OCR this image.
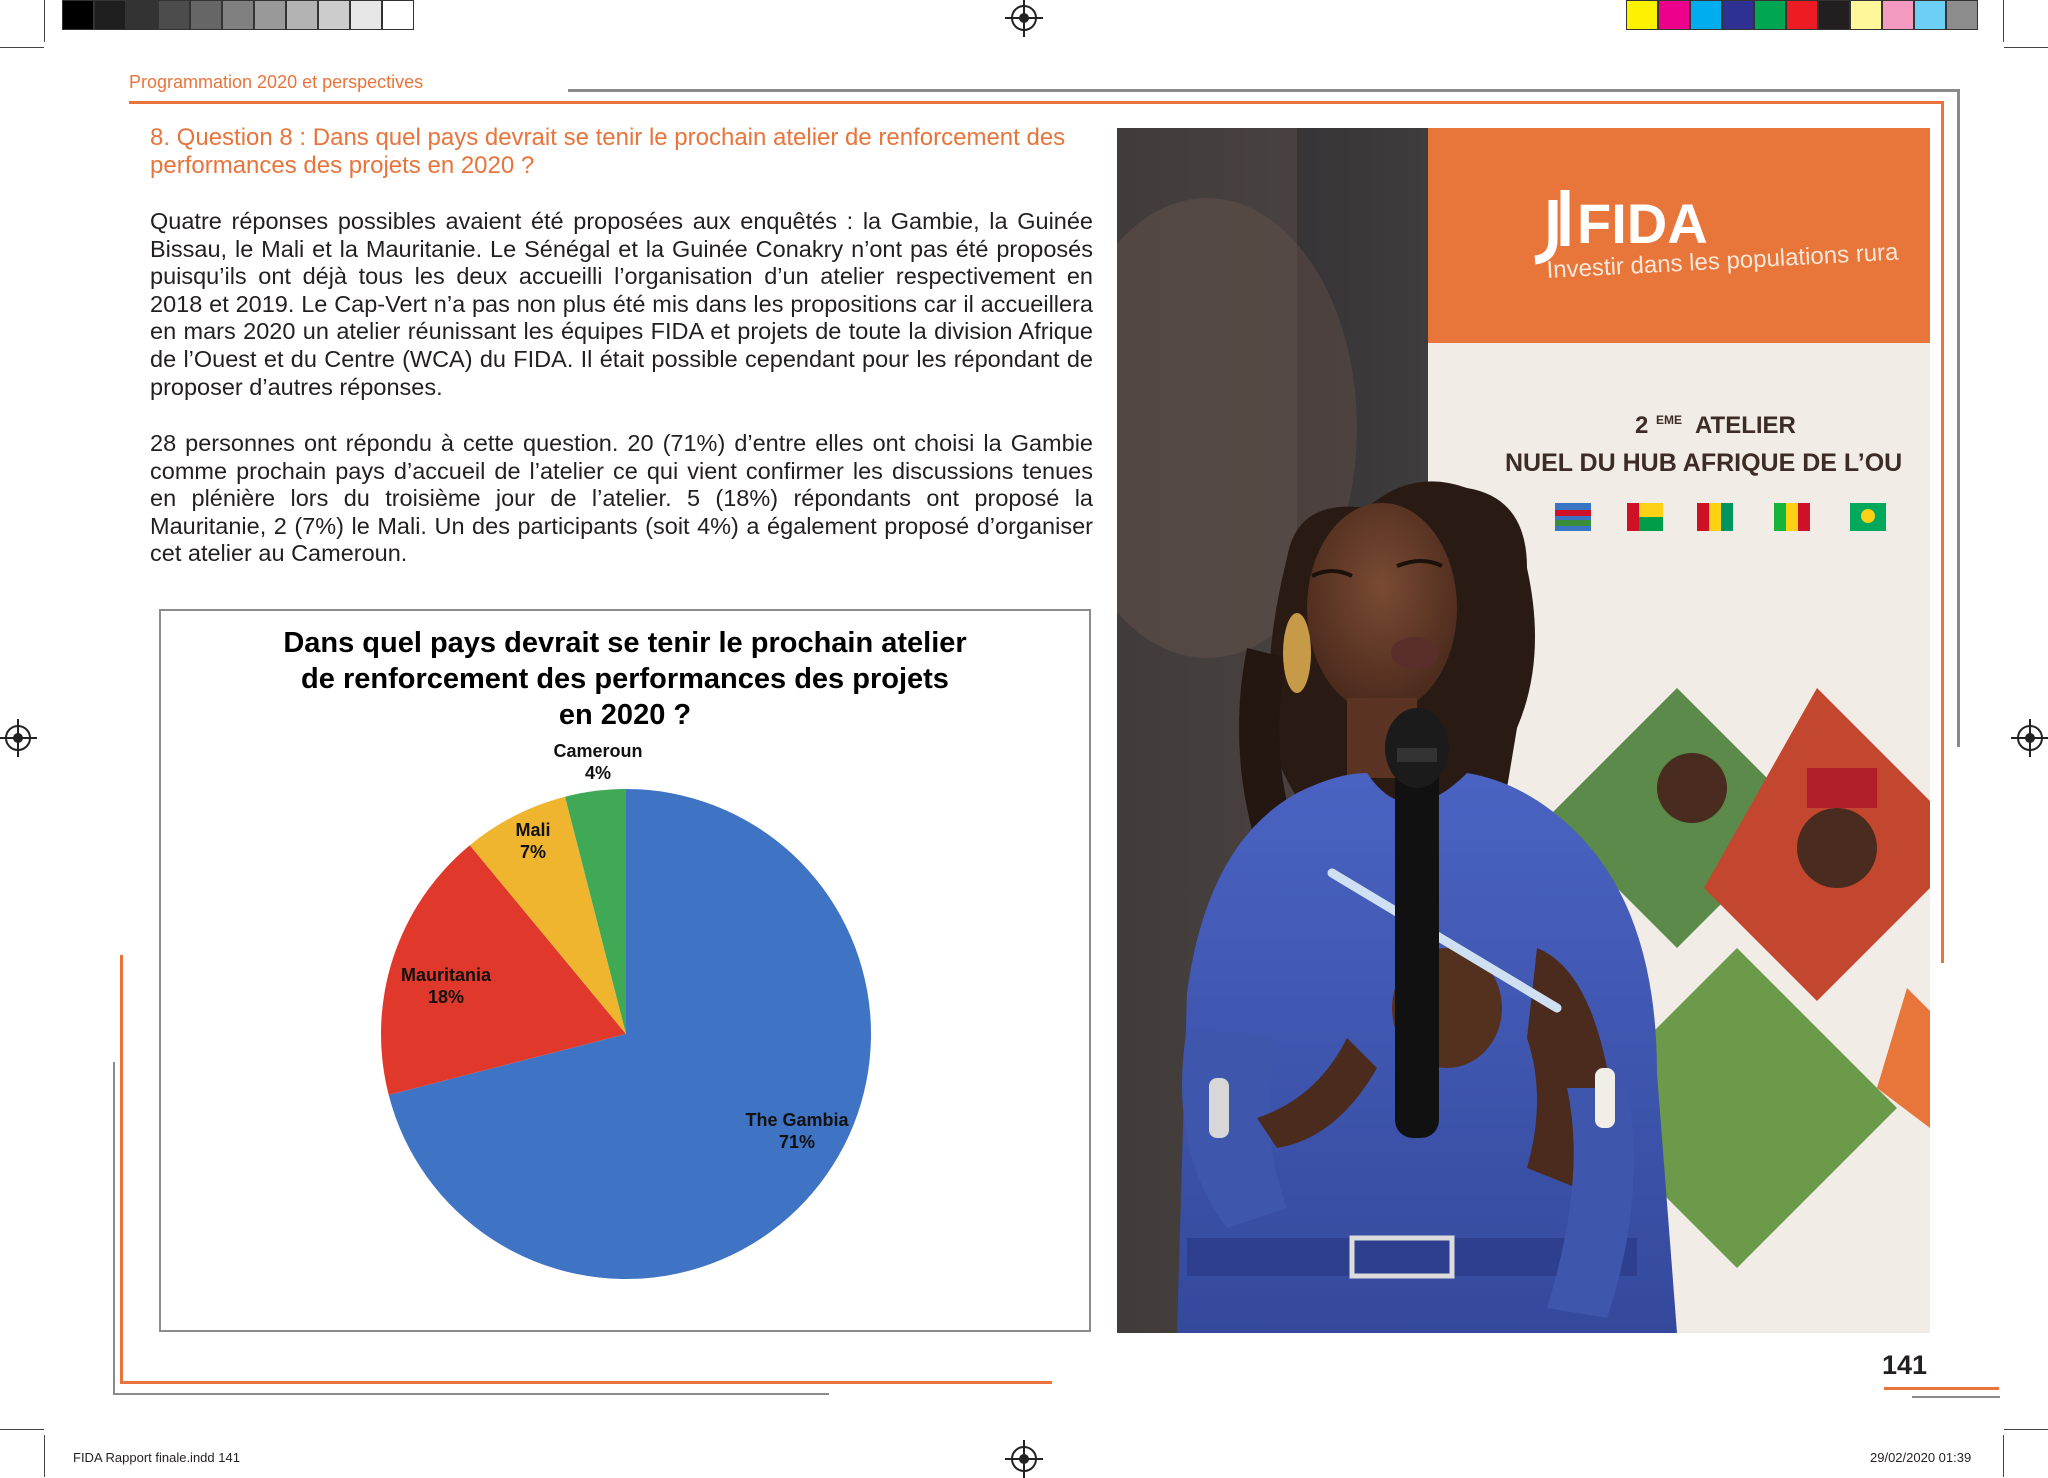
Programmation 2020 et perspectives
8. Question 8 : Dans quel pays devrait se tenir le prochain atelier de renforcement des performances des projets en 2020 ?
Quatre réponses possibles avaient été proposées aux enquêtés : la Gambie, la Guinée Bissau, le Mali et la Mauritanie. Le Sénégal et la Guinée Conakry n’ont pas été proposés puisqu’ils ont déjà tous les deux accueilli l’organisation d’un atelier respectivement en 2018 et 2019. Le Cap-Vert n’a pas non plus été mis dans les propositions car il accueillera en mars 2020 un atelier réunissant les équipes FIDA et projets de toute la division Afrique de l’Ouest et du Centre (WCA) du FIDA. Il était possible cependant pour les répondant de proposer d’autres réponses.
28 personnes ont répondu à cette question. 20 (71%) d’entre elles ont choisi la Gambie comme prochain pays d’accueil de l’atelier ce qui vient confirmer les discussions tenues en plénière lors du troisième jour de l’atelier. 5 (18%) répondants ont proposé la Mauritanie, 2 (7%) le Mali. Un des participants (soit 4%) a également proposé d’organiser cet atelier au Cameroun.
Dans quel pays devrait se tenir le prochain atelier
de renforcement des performances des projets
en 2020 ?
The Gambia
71%
Mauritania
18%
Mali
7%
Cameroun
4%
FIDA
Investir dans les populations rura
2 EME ATELIER
NUEL DU HUB AFRIQUE DE L’OU
141
FIDA Rapport finale.indd 141	29/02/2020 01:39
